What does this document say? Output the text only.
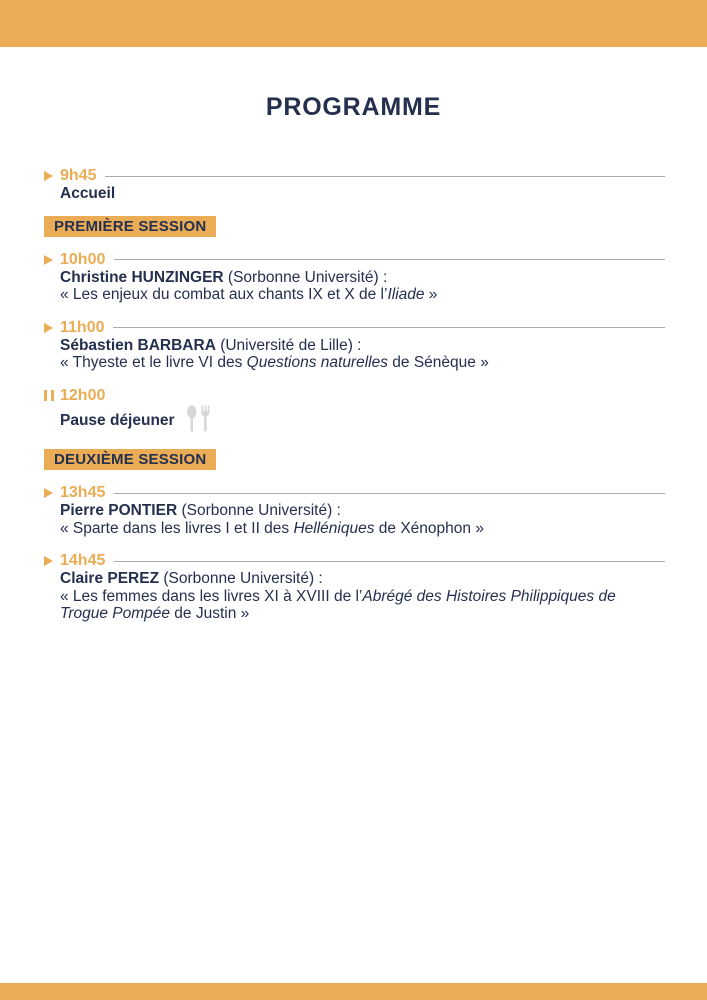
PROGRAMME
9h45
Accueil
PREMIÈRE SESSION
10h00
Christine HUNZINGER (Sorbonne Université) :
« Les enjeux du combat aux chants IX et X de l’Iliade »
11h00
Sébastien BARBARA (Université de Lille) :
« Thyeste et le livre VI des Questions naturelles de Sénèque »
12h00
Pause déjeuner
DEUXIÈME SESSION
13h45
Pierre PONTIER (Sorbonne Université) :
« Sparte dans les livres I et II des Helléniques de Xénophon »
14h45
Claire PEREZ (Sorbonne Université) :
« Les femmes dans les livres XI à XVIII de l’Abrégé des Histoires Philippiques de Trogue Pompée de Justin »
